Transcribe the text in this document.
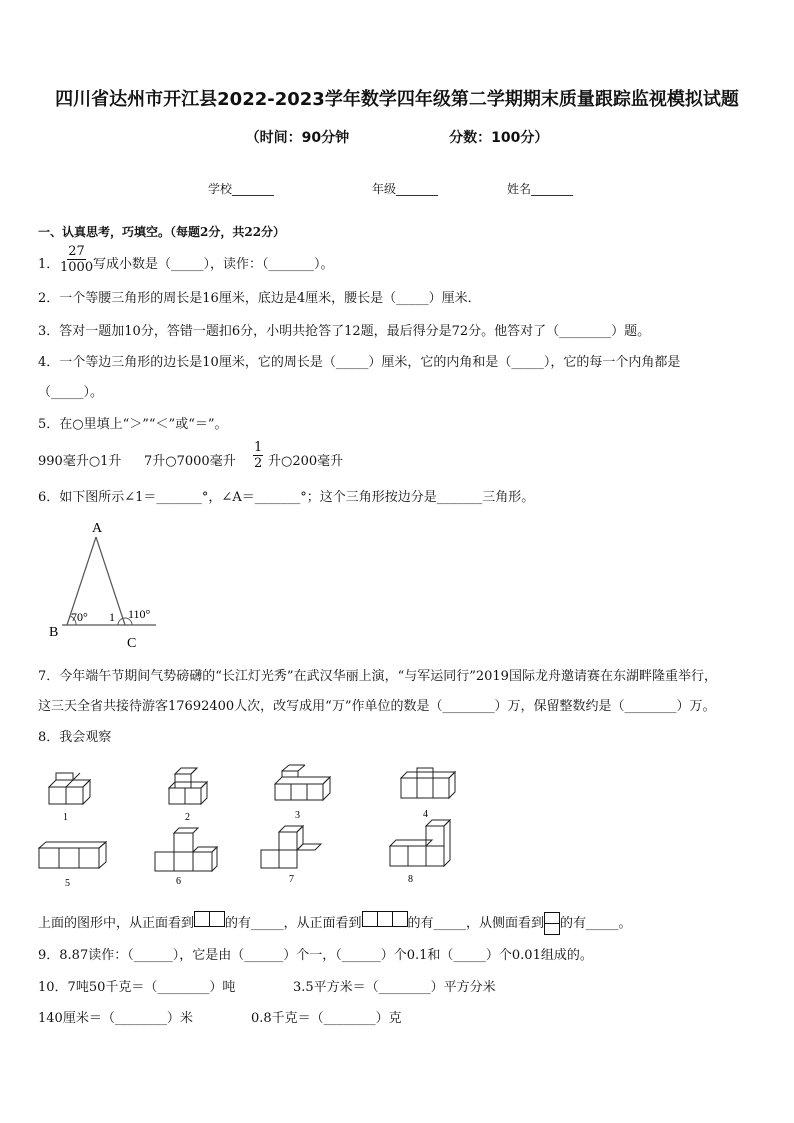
四川省达州市开江县2022-2023学年数学四年级第二学期期末质量跟踪监视模拟试题
（时间：90分钟	分数：100分）
学校_______	年级_______	姓名_______
一、认真思考，巧填空。（每题2分，共22分）
1． $\frac{27}{1000}$ 写成小数是（_____），读作：（_______）。
2．一个等腰三角形的周长是16厘米，底边是4厘米，腰长是（_____）厘米．
3．答对一题加10分，答错一题扣6分，小明共抢答了12题，最后得分是72分。他答对了（________）题。
4．一个等边三角形的边长是10厘米，它的周长是（_____）厘米，它的内角和是（_____），它的每一个内角都是
（_____）。
5．在○里填上“＞”“＜”或“＝”。
990毫升○1升 7升○7000毫升 $\frac{1}{2}$ 升○200毫升
6．如下图所示∠1＝_______°，∠A＝_______°；这个三角形按边分是_______三角形。
A
B
C
70° 1 110°
7．今年端午节期间气势磅礴的“长江灯光秀”在武汉华丽上演，“与军运同行”2019国际龙舟邀请赛在东湖畔隆重举行，
这三天全省共接待游客17692400人次，改写成用“万”作单位的数是（________）万，保留整数约是（________）万。
8．我会观察
1	2	3	4
5	6	7	8
上面的图形中，从正面看到 的有_____，从正面看到	的有_____，从侧面看到 的有_____。
9．8.87读作：（______），它是由（______）个一，（______）个0.1和（_____）个0.01组成的。
10．7吨50千克＝（________）吨	3.5平方米＝（________）平方分米
140厘米＝（________）米	0.8千克＝（________）克
